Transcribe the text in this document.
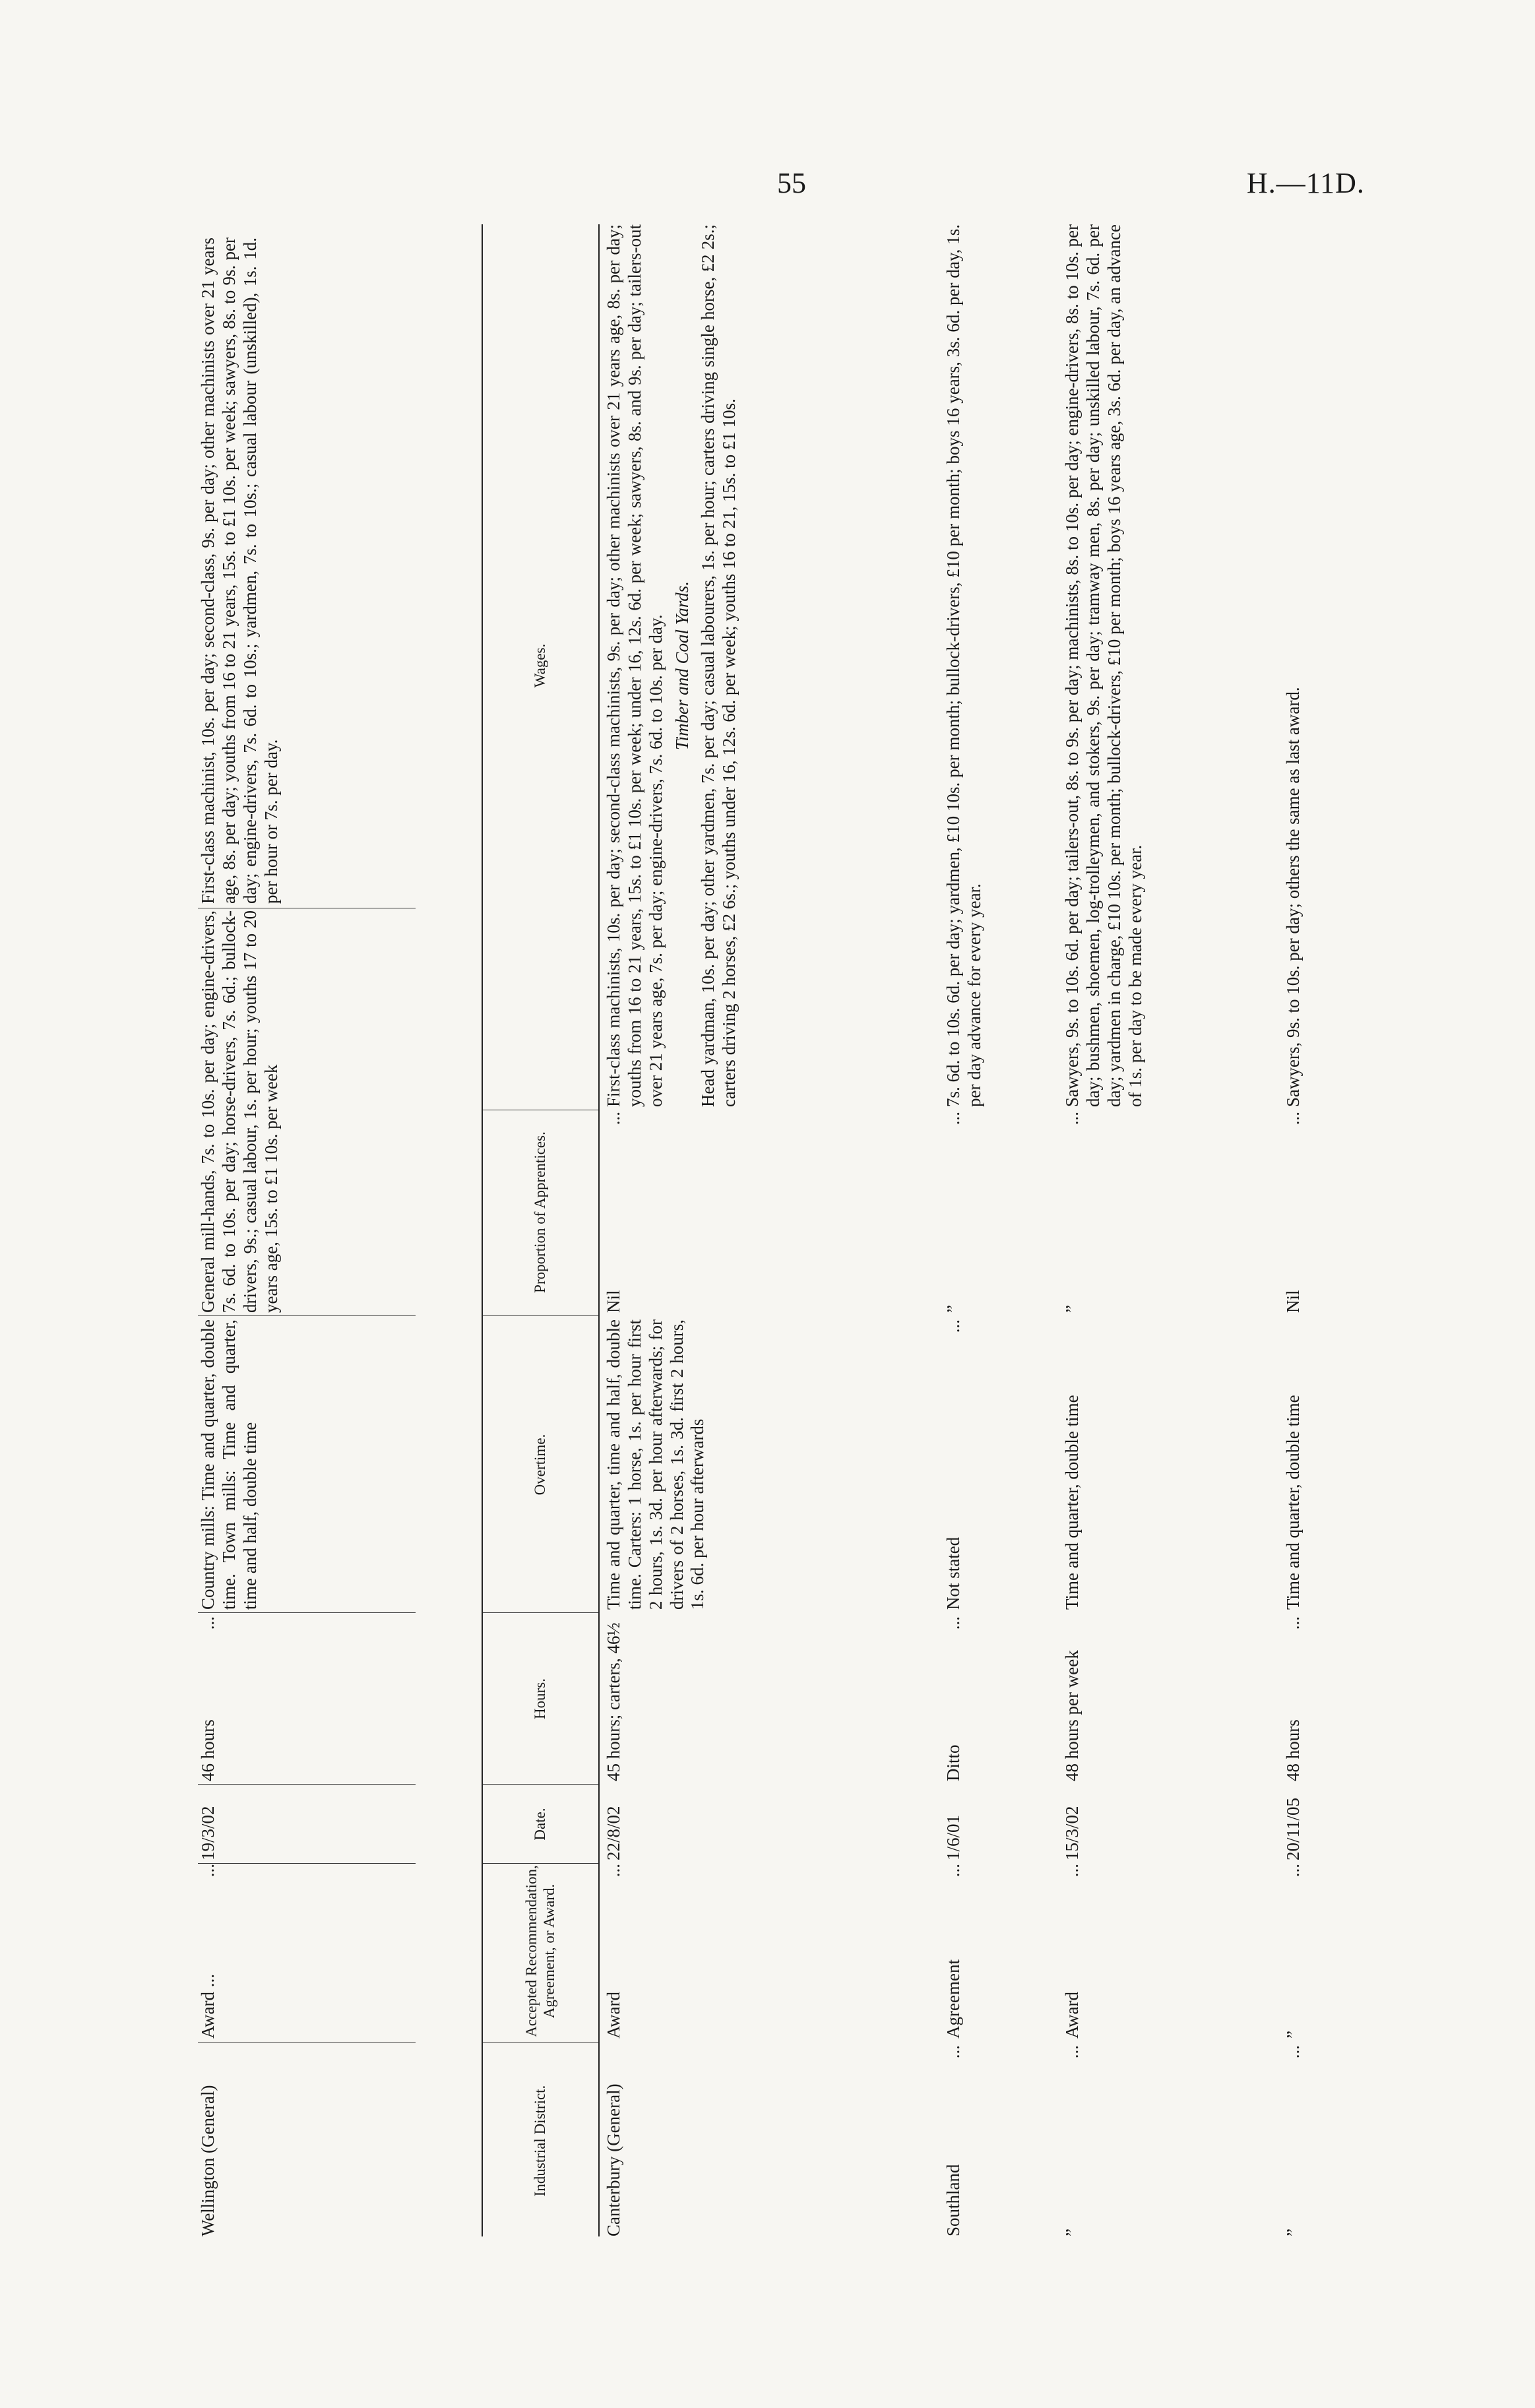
55	H.—11D.
Wellington (General)
Award ...
...
19/3/02
46 hours
...
Country mills: Time and quarter, double time. Town mills: Time and quarter, time and half, double time
General mill-hands, 7s. to 10s. per day; engine-drivers, 7s. 6d. to 10s. per day; horse-drivers, 7s. 6d.; bullock-drivers, 9s.; casual labour, 1s. per hour; youths 17 to 20 years age, 15s. to £1 10s. per week
First-class machinist, 10s. per day; second-class, 9s. per day; other machinists over 21 years age, 8s. per day; youths from 16 to 21 years, 15s. to £1 10s. per week; sawyers, 8s. to 9s. per day; engine-drivers, 7s. 6d. to 10s.; yardmen, 7s. to 10s.; casual labour (unskilled), 1s. 1d. per hour or 7s. per day.
Industrial District.
Accepted Recommendation, Agreement, or Award.
Date.
Hours.
Overtime.
Proportion of Apprentices.
Wages.
Canterbury (General)
Award
...
22/8/02
45 hours; carters, 46½
Time and quarter, time and half, double time. Carters: 1 horse, 1s. per hour first 2 hours, 1s. 3d. per hour afterwards; for drivers of 2 horses, 1s. 3d. first 2 hours, 1s. 6d. per hour afterwards
Nil
...

First-class machinists, 10s. per day; second-class machinists, 9s. per day; other machinists over 21 years age, 8s. per day; youths from 16 to 21 years, 15s. to £1 10s. per week; under 16, 12s. 6d. per week; sawyers, 8s. and 9s. per day; tailers-out over 21 years age, 7s. per day; engine-drivers, 7s. 6d. to 10s. per day. Timber and Coal Yards. Head yardman, 10s. per day; other yardmen, 7s. per day; casual labourers, 1s. per hour; carters driving single horse, £2 2s.; carters driving 2 horses, £2 6s.; youths under 16, 12s. 6d. per week; youths 16 to 21, 15s. to £1 10s.

Southland
...
Agreement
...
1/6/01
Ditto
...
Not stated
...
”
...
7s. 6d. to 10s. 6d. per day; yardmen, £10 10s. per month; bullock-drivers, £10 per month; boys 16 years, 3s. 6d. per day, 1s. per day advance for every year.
”
...
Award
...
15/3/02
48 hours per week
Time and quarter, double time
”
...
Sawyers, 9s. to 10s. 6d. per day; tailers-out, 8s. to 9s. per day; machinists, 8s. to 10s. per day; engine-drivers, 8s. to 10s. per day; bushmen, shoemen, log-trolleymen, and stokers, 9s. per day; tramway men, 8s. per day; unskilled labour, 7s. 6d. per day; yardmen in charge, £10 10s. per month; bullock-drivers, £10 per month; boys 16 years age, 3s. 6d. per day, an advance of 1s. per day to be made every year.
”
...
”
...
20/11/05
48 hours
...
Time and quarter, double time
Nil
...
Sawyers, 9s. to 10s. per day; others the same as last award.
